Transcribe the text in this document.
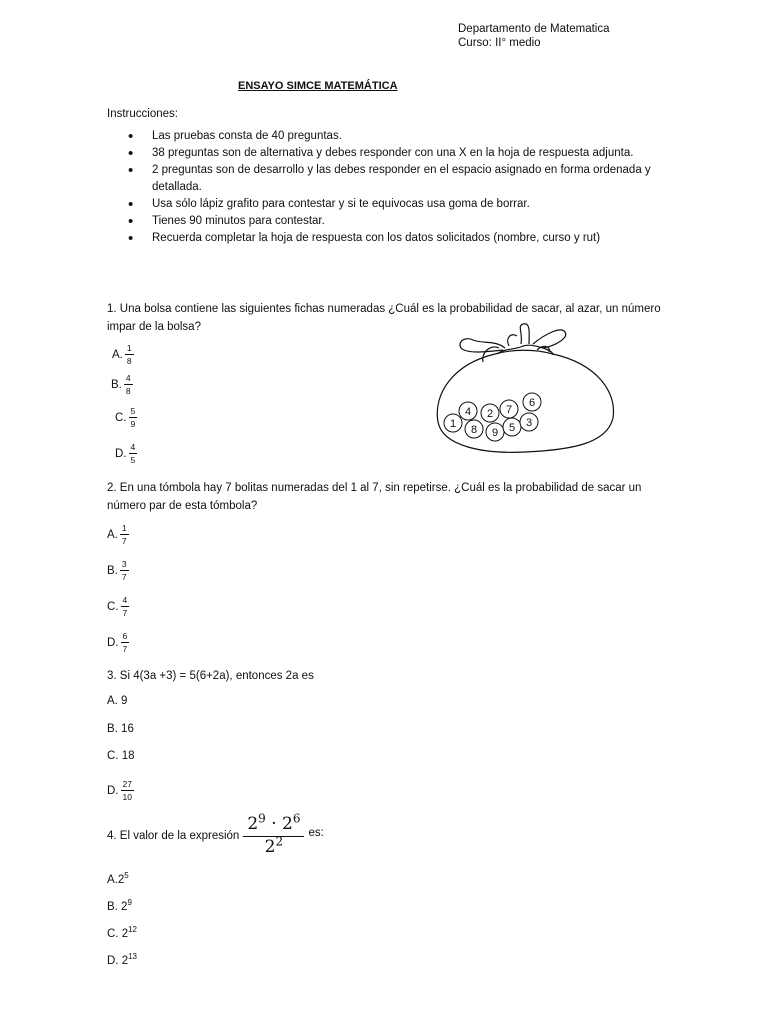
Departamento de Matematica
Curso: II° medio
ENSAYO SIMCE MATEMÁTICA
Instrucciones:
• Las pruebas consta de 40 preguntas.
• 38 preguntas son de alternativa y debes responder con una X en la hoja de respuesta adjunta.
• 2 preguntas son de desarrollo y las debes responder en el espacio asignado en forma ordenada y detallada.
• Usa sólo lápiz grafito para contestar y si te equivocas usa goma de borrar.
• Tienes 90 minutos para contestar.
• Recuerda completar la hoja de respuesta con los datos solicitados (nombre, curso y rut)
1. Una bolsa contiene las siguientes fichas numeradas ¿Cuál es la probabilidad de sacar, al azar, un número impar de la bolsa?
A. $\frac{1}{8}$
B. $\frac{4}{8}$
C. $\frac{5}{9}$
D. $\frac{4}{5}$
4 2 7
6
1 8 9 5 3
2. En una tómbola hay 7 bolitas numeradas del 1 al 7, sin repetirse. ¿Cuál es la probabilidad de sacar un número par de esta tómbola?
A. $\frac{1}{7}$
B. $\frac{3}{7}$
C. $\frac{4}{7}$
D. $\frac{6}{7}$
3. Si 4(3a +3) = 5(6+2a), entonces 2a es
A. 9
B. 16
C. 18
D. $\frac{27}{10}$
4. El valor de la expresión $\frac{2^9 \cdot 2^6}{2^2}$ es:
$A.2^5$
B. $2^9$
C. $2^{12}$
D. $2^{13}$
